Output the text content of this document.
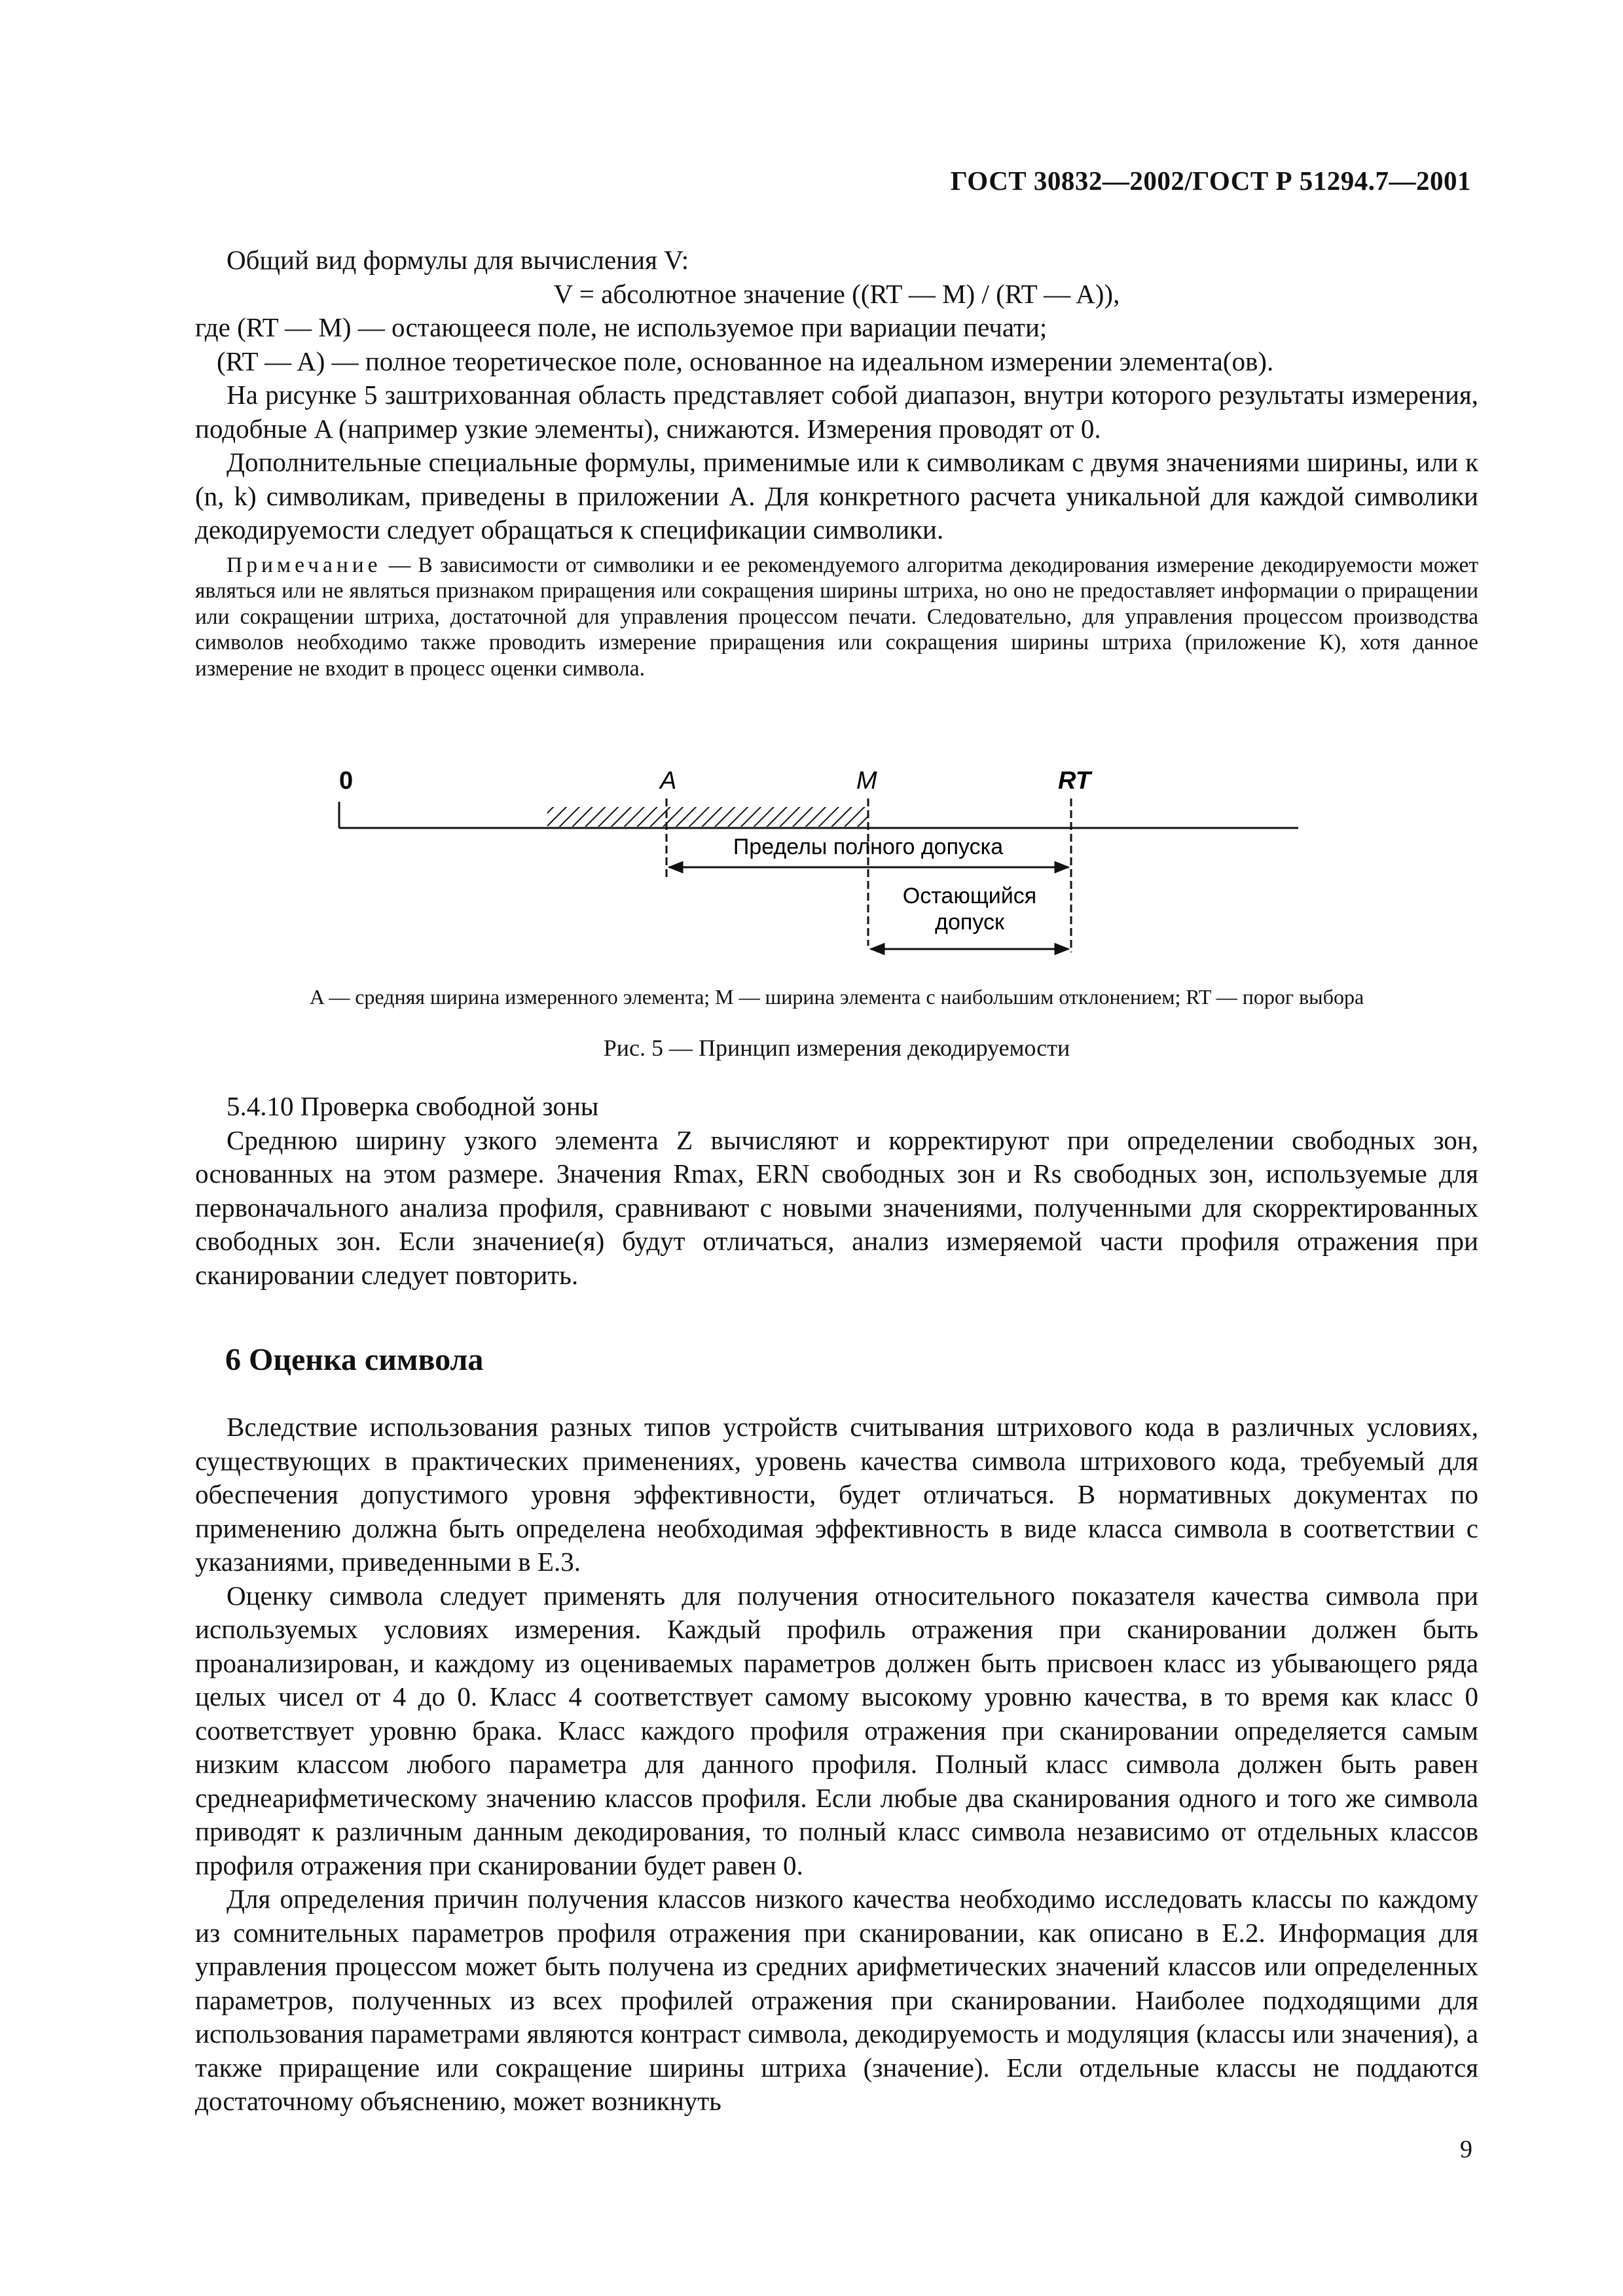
ГОСТ 30832—2002/ГОСТ Р 51294.7—2001

Общий вид формулы для вычисления V:

V = абсолютное значение ((RT — M) / (RT — A)),

где (RT — M) — остающееся поле, не используемое при вариации печати;

(RT — A) — полное теоретическое поле, основанное на идеальном измерении элемента(ов).

На рисунке 5 заштрихованная область представляет собой диапазон, внутри которого результаты измерения, подобные A (например узкие элементы), снижаются. Измерения проводят от 0.

Дополнительные специальные формулы, применимые или к символикам с двумя значениями ширины, или к (n, k) символикам, приведены в приложении А. Для конкретного расчета уникальной для каждой символики декодируемости следует обращаться к спецификации символики.

Примечание — В зависимости от символики и ее рекомендуемого алгоритма декодирования измерение декодируемости может являться или не являться признаком приращения или сокращения ширины штриха, но оно не предоставляет информации о приращении или сокращении штриха, достаточной для управления процессом печати. Следовательно, для управления процессом производства символов необходимо также проводить измерение приращения или сокращения ширины штриха (приложение К), хотя данное измерение не входит в процесс оценки символа.

0	A	M	RT
Пределы полного допуска
Остающийся
допуск
A — средняя ширина измеренного элемента; M — ширина элемента с наибольшим отклонением; RT — порог выбора
Рис. 5 — Принцип измерения декодируемости

5.4.10 Проверка свободной зоны

Среднюю ширину узкого элемента Z вычисляют и корректируют при определении свободных зон, основанных на этом размере. Значения Rmax, ERN свободных зон и Rs свободных зон, используемые для первоначального анализа профиля, сравнивают с новыми значениями, полученными для скорректированных свободных зон. Если значение(я) будут отличаться, анализ измеряемой части профиля отражения при сканировании следует повторить.

6 Оценка символа

Вследствие использования разных типов устройств считывания штрихового кода в различных условиях, существующих в практических применениях, уровень качества символа штрихового кода, требуемый для обеспечения допустимого уровня эффективности, будет отличаться. В нормативных документах по применению должна быть определена необходимая эффективность в виде класса символа в соответствии с указаниями, приведенными в Е.3.

Оценку символа следует применять для получения относительного показателя качества символа при используемых условиях измерения. Каждый профиль отражения при сканировании должен быть проанализирован, и каждому из оцениваемых параметров должен быть присвоен класс из убывающего ряда целых чисел от 4 до 0. Класс 4 соответствует самому высокому уровню качества, в то время как класс 0 соответствует уровню брака. Класс каждого профиля отражения при сканировании определяется самым низким классом любого параметра для данного профиля. Полный класс символа должен быть равен среднеарифметическому значению классов профиля. Если любые два сканирования одного и того же символа приводят к различным данным декодирования, то полный класс символа независимо от отдельных классов профиля отражения при сканировании будет равен 0.

Для определения причин получения классов низкого качества необходимо исследовать классы по каждому из сомнительных параметров профиля отражения при сканировании, как описано в Е.2. Информация для управления процессом может быть получена из средних арифметических значений классов или определенных параметров, полученных из всех профилей отражения при сканировании. Наиболее подходящими для использования параметрами являются контраст символа, декодируемость и модуляция (классы или значения), а также приращение или сокращение ширины штриха (значение). Если отдельные классы не поддаются достаточному объяснению, может возникнуть

9
